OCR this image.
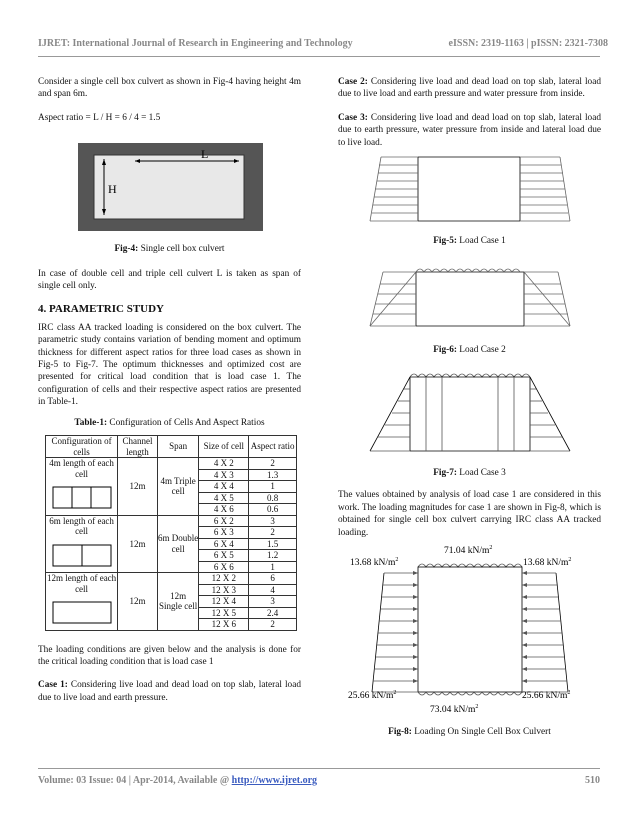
IJRET: International Journal of Research in Engineering and Technology	eISSN: 2319-1163 | pISSN: 2321-7308

Consider a single cell box culvert as shown in Fig-4 having height 4m and span 6m.

Aspect ratio = L / H = 6 / 4 = 1.5

L
H

Fig-4: Single cell box culvert

In case of double cell and triple cell culvert L is taken as span of single cell only.

4. PARAMETRIC STUDY

IRC class AA tracked loading is considered on the box culvert. The parametric study contains variation of bending moment and optimum thickness for different aspect ratios for three load cases as shown in Fig-5 to Fig-7. The optimum thicknesses and optimized cost are presented for critical load condition that is load case 1. The configuration of cells and their respective aspect ratios are presented in Table-1.

Table-1: Configuration of Cells And Aspect Ratios

Configuration of cells	Channel length	Span	Size of cell	Aspect ratio

4m length of each cell	12m	4m Triple cell	4 X 2	2
			4 X 3	1.3
			4 X 4	1
			4 X 5	0.8
			4 X 6	0.6

6m length of each cell	12m	6m Double cell	6 X 2	3
			6 X 3	2
			6 X 4	1.5
			6 X 5	1.2
			6 X 6	1

12m length of each cell	12m	12m Single cell	12 X 2	6
			12 X 3	4
			12 X 4	3
			12 X 5	2.4
			12 X 6	2

The loading conditions are given below and the analysis is done for the critical loading condition that is load case 1

Case 1: Considering live load and dead load on top slab, lateral load due to live load and earth pressure.

Case 2: Considering live load and dead load on top slab, lateral load due to live load and earth pressure and water pressure from inside.

Case 3: Considering live load and dead load on top slab, lateral load due to earth pressure, water pressure from inside and lateral load due to live load.

Fig-5: Load Case 1

Fig-6: Load Case 2

Fig-7: Load Case 3

The values obtained by analysis of load case 1 are considered in this work. The loading magnitudes for case 1 are shown in Fig-8, which is obtained for single cell box culvert carrying IRC class AA tracked loading.

71.04 $kN/m^2$
13.68 $kN/m^2$	13.68 $kN/m^2$
25.66 $kN/m^2$	25.66 $kN/m^2$
73.04 $kN/m^2$

Fig-8: Loading On Single Cell Box Culvert

Volume: 03 Issue: 04 | Apr-2014, Available @ http://www.ijret.org	510
